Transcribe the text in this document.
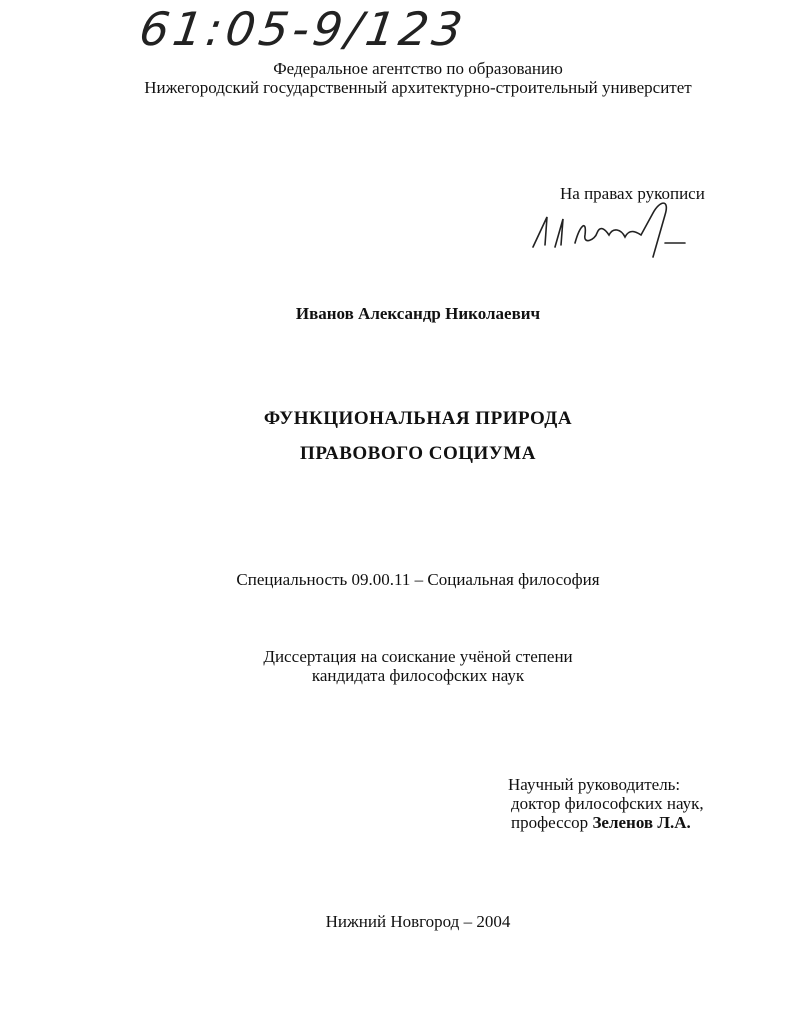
61:05-9/123
Федеральное агентство по образованию
Нижегородский государственный архитектурно-строительный университет
На правах рукописи
Иванов Александр Николаевич
ФУНКЦИОНАЛЬНАЯ ПРИРОДА
ПРАВОВОГО СОЦИУМА
Специальность 09.00.11 – Социальная философия
Диссертация на соискание учёной степени
кандидата философских наук
Научный руководитель:
доктор философских наук,
профессор Зеленов Л.А.
Нижний Новгород – 2004
